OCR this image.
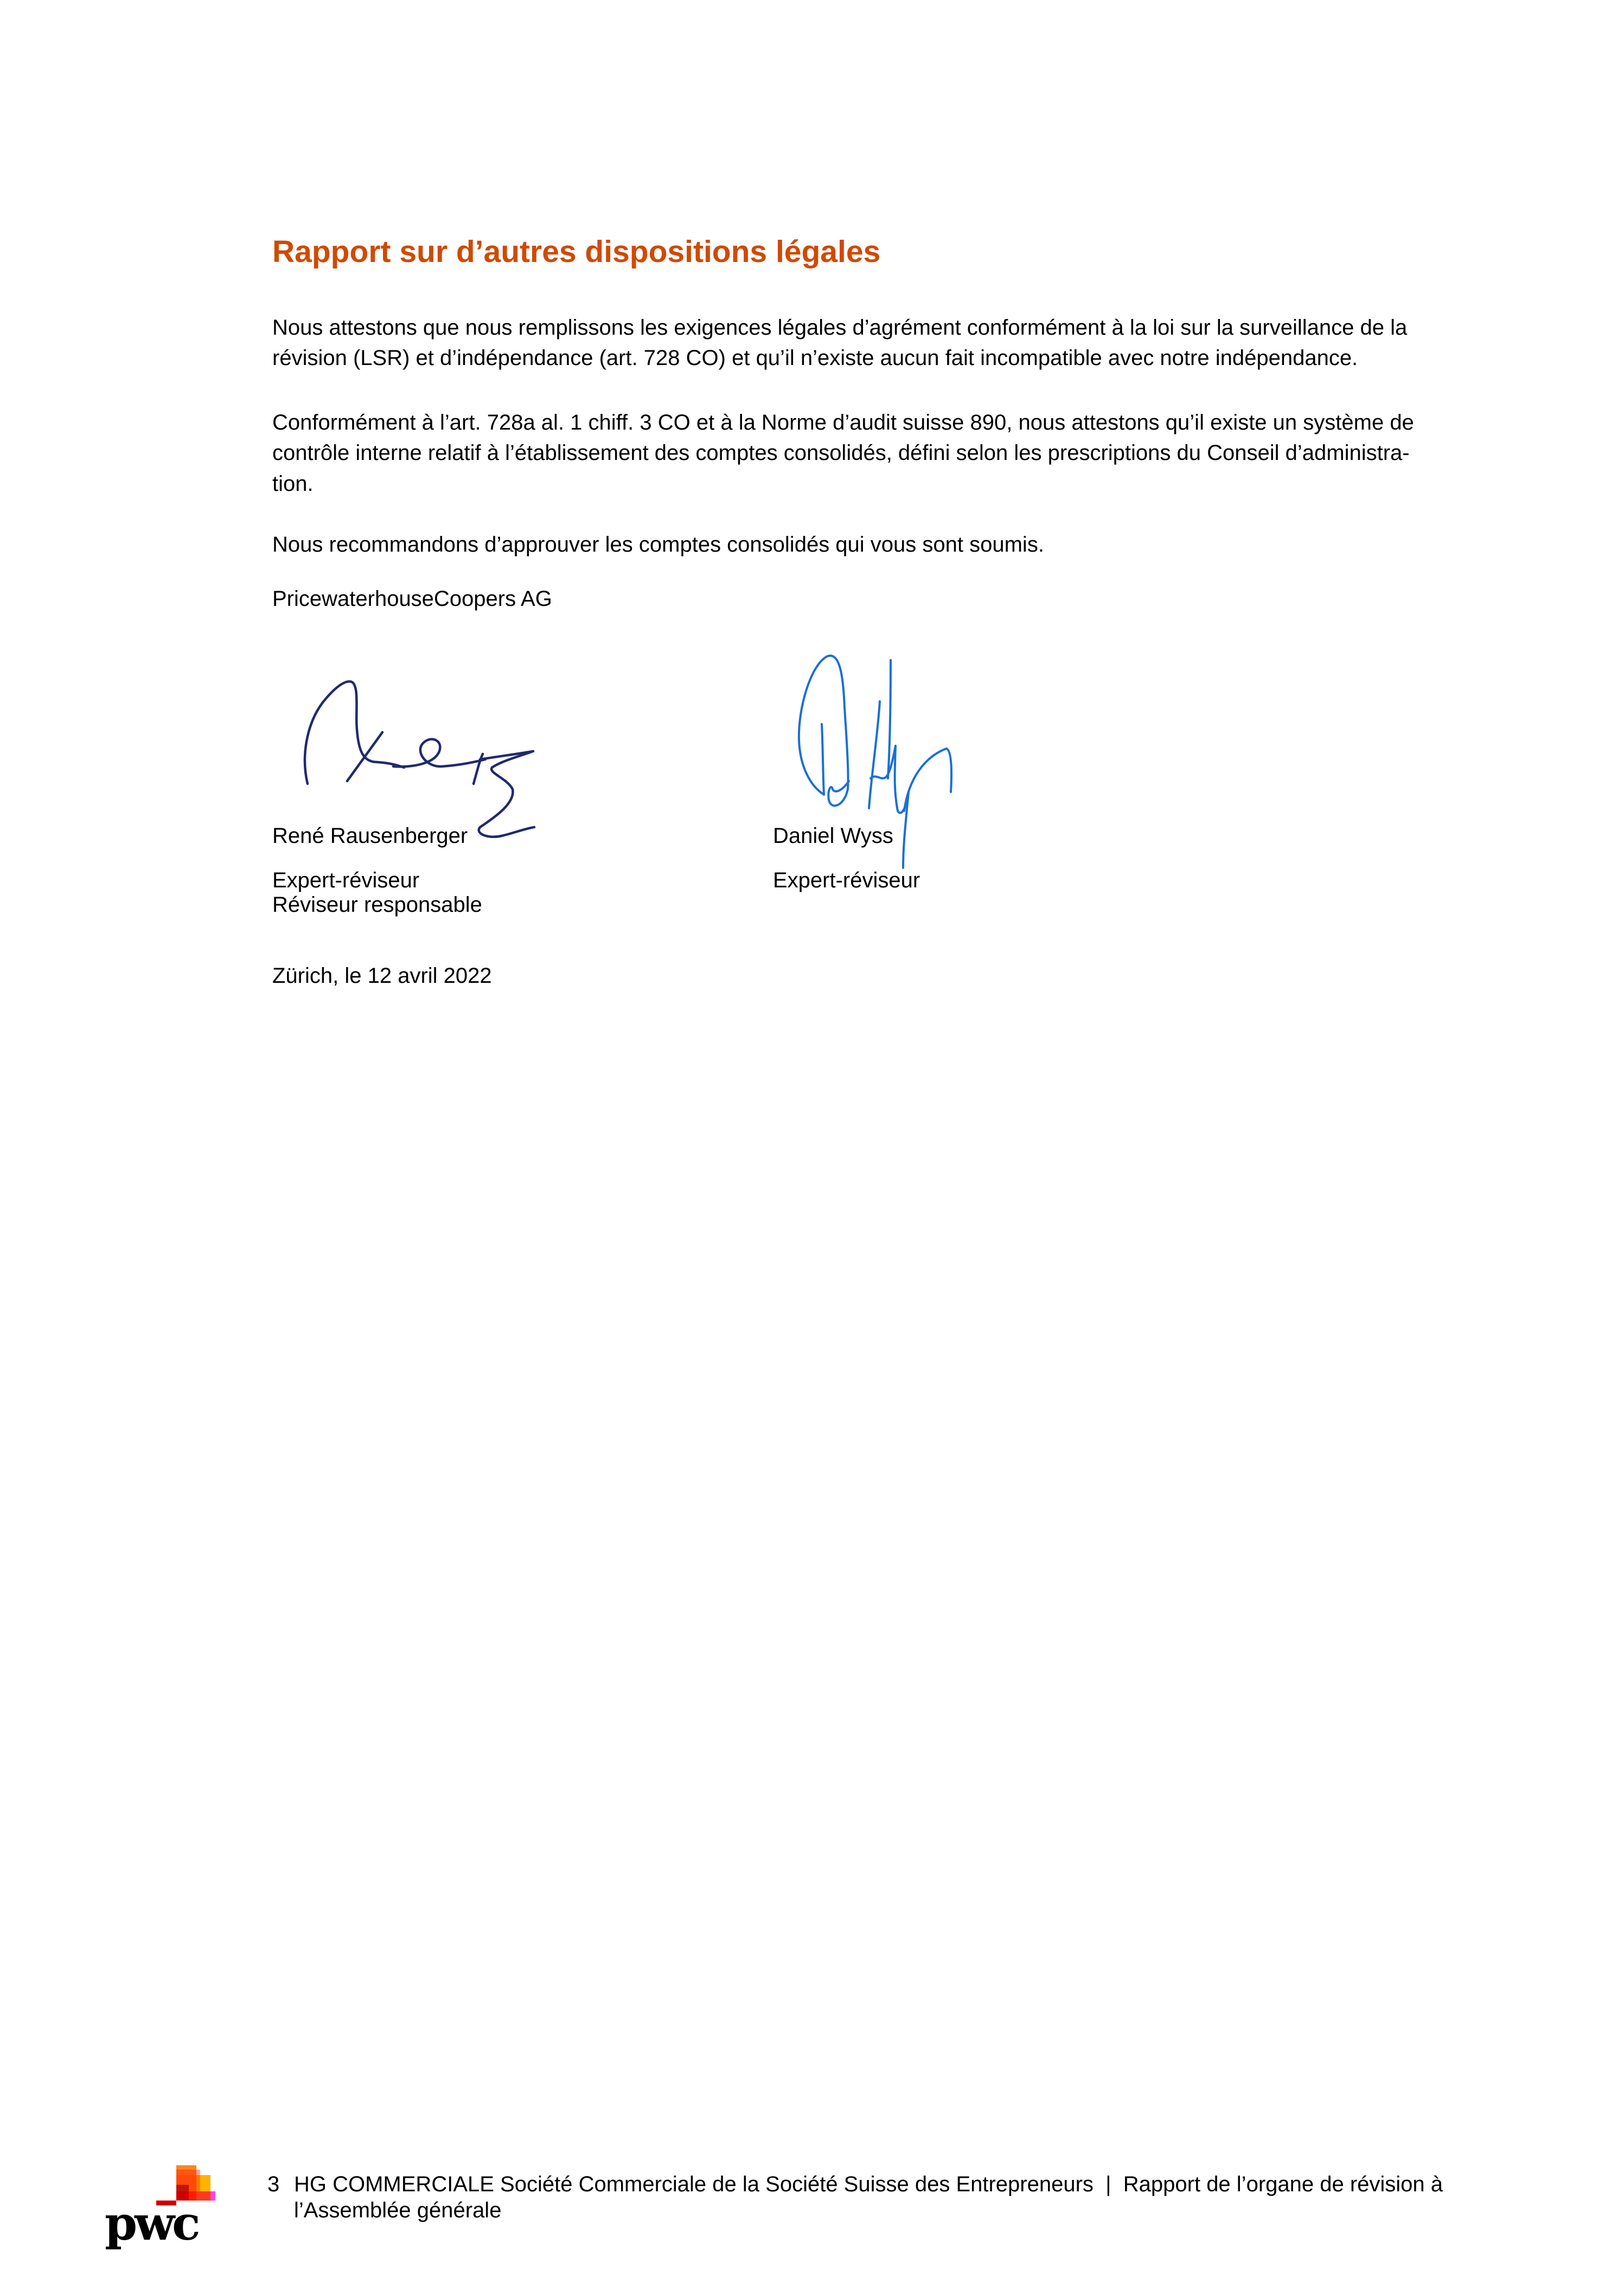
Rapport sur d’autres dispositions légales
Nous attestons que nous remplissons les exigences légales d’agrément conformément à la loi sur la surveillance de la
révision (LSR) et d’indépendance (art. 728 CO) et qu’il n’existe aucun fait incompatible avec notre indépendance.
Conformément à l’art. 728a al. 1 chiff. 3 CO et à la Norme d’audit suisse 890, nous attestons qu’il existe un système de
contrôle interne relatif à l’établissement des comptes consolidés, défini selon les prescriptions du Conseil d’administra-
tion.
Nous recommandons d’approuver les comptes consolidés qui vous sont soumis.
PricewaterhouseCoopers AG
René Rausenberger	Daniel Wyss
Expert-réviseur
Réviseur responsable
Expert-réviseur
Zürich, le 12 avril 2022
pwc
3 HG COMMERCIALE Société Commerciale de la Société Suisse des Entrepreneurs  |  Rapport de l’organe de révision à
l’Assemblée générale
